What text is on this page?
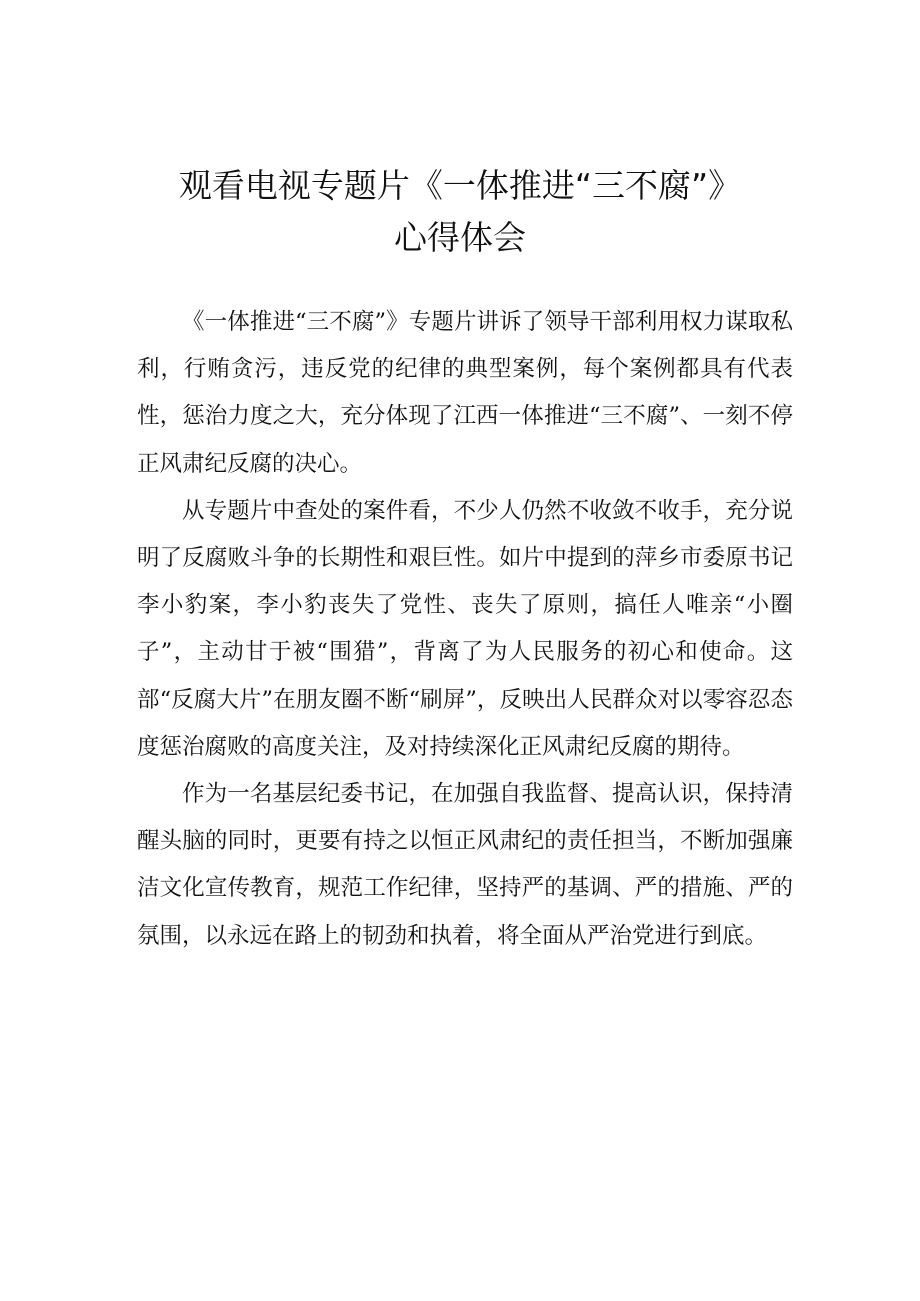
观看电视专题片《一体推进“三不腐”》
心得体会

《一体推进“三不腐”》专题片讲诉了领导干部利用权力谋取私利，行贿贪污，违反党的纪律的典型案例，每个案例都具有代表性，惩治力度之大，充分体现了江西一体推进“三不腐”、一刻不停正风肃纪反腐的决心。

从专题片中查处的案件看，不少人仍然不收敛不收手，充分说明了反腐败斗争的长期性和艰巨性。如片中提到的萍乡市委原书记李小豹案，李小豹丧失了党性、丧失了原则，搞任人唯亲“小圈子”，主动甘于被“围猎”，背离了为人民服务的初心和使命。这部“反腐大片”在朋友圈不断“刷屏”，反映出人民群众对以零容忍态度惩治腐败的高度关注，及对持续深化正风肃纪反腐的期待。

作为一名基层纪委书记，在加强自我监督、提高认识，保持清醒头脑的同时，更要有持之以恒正风肃纪的责任担当，不断加强廉洁文化宣传教育，规范工作纪律，坚持严的基调、严的措施、严的氛围，以永远在路上的韧劲和执着，将全面从严治党进行到底。
